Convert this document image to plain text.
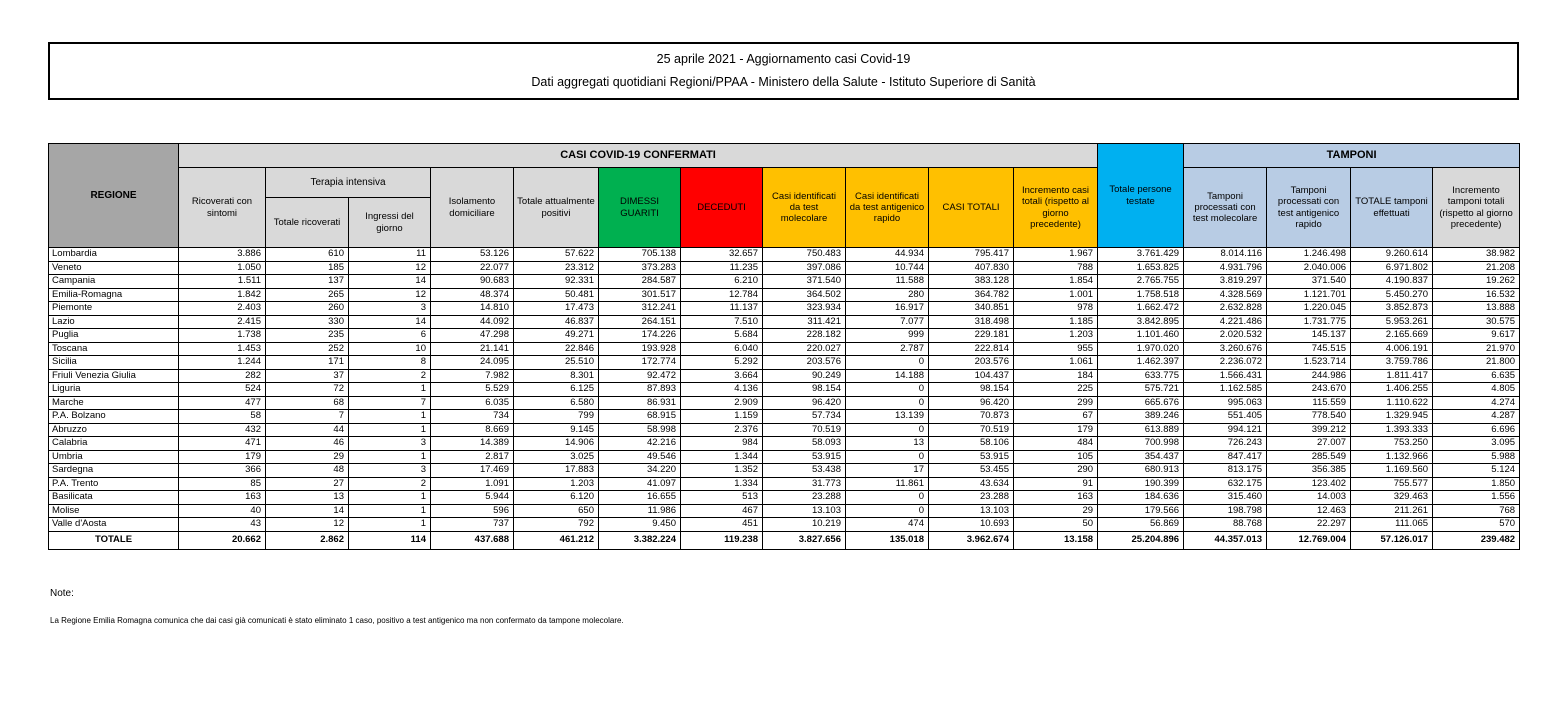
25 aprile 2021 - Aggiornamento casi Covid-19
Dati aggregati quotidiani Regioni/PPAA - Ministero della Salute - Istituto Superiore di Sanità
REGIONE	CASI COVID-19 CONFERMATI											Totale persone testate	TAMPONI			
	Ricoverati con sintomi	Terapia intensiva		Isolamento domiciliare	Totale attualmente positivi	DIMESSI GUARITI	DECEDUTI	Casi identificati da test molecolare	Casi identificati da test antigenico rapido	CASI TOTALI	Incremento casi totali (rispetto al giorno precedente)		Tamponi processati con test molecolare	Tamponi processati con test antigenico rapido	TOTALE tamponi effettuati	Incremento tamponi totali (rispetto al giorno precedente)
		Totale ricoverati	Ingressi del giorno													
Lombardia	3.886	610	11	53.126	57.622	705.138	32.657	750.483	44.934	795.417	1.967	3.761.429	8.014.116	1.246.498	9.260.614	38.982
Veneto	1.050	185	12	22.077	23.312	373.283	11.235	397.086	10.744	407.830	788	1.653.825	4.931.796	2.040.006	6.971.802	21.208
Campania	1.511	137	14	90.683	92.331	284.587	6.210	371.540	11.588	383.128	1.854	2.765.755	3.819.297	371.540	4.190.837	19.262
Emilia-Romagna	1.842	265	12	48.374	50.481	301.517	12.784	364.502	280	364.782	1.001	1.758.518	4.328.569	1.121.701	5.450.270	16.532
Piemonte	2.403	260	3	14.810	17.473	312.241	11.137	323.934	16.917	340.851	978	1.662.472	2.632.828	1.220.045	3.852.873	13.888
Lazio	2.415	330	14	44.092	46.837	264.151	7.510	311.421	7.077	318.498	1.185	3.842.895	4.221.486	1.731.775	5.953.261	30.575
Puglia	1.738	235	6	47.298	49.271	174.226	5.684	228.182	999	229.181	1.203	1.101.460	2.020.532	145.137	2.165.669	9.617
Toscana	1.453	252	10	21.141	22.846	193.928	6.040	220.027	2.787	222.814	955	1.970.020	3.260.676	745.515	4.006.191	21.970
Sicilia	1.244	171	8	24.095	25.510	172.774	5.292	203.576	0	203.576	1.061	1.462.397	2.236.072	1.523.714	3.759.786	21.800
Friuli Venezia Giulia	282	37	2	7.982	8.301	92.472	3.664	90.249	14.188	104.437	184	633.775	1.566.431	244.986	1.811.417	6.635
Liguria	524	72	1	5.529	6.125	87.893	4.136	98.154	0	98.154	225	575.721	1.162.585	243.670	1.406.255	4.805
Marche	477	68	7	6.035	6.580	86.931	2.909	96.420	0	96.420	299	665.676	995.063	115.559	1.110.622	4.274
P.A. Bolzano	58	7	1	734	799	68.915	1.159	57.734	13.139	70.873	67	389.246	551.405	778.540	1.329.945	4.287
Abruzzo	432	44	1	8.669	9.145	58.998	2.376	70.519	0	70.519	179	613.889	994.121	399.212	1.393.333	6.696
Calabria	471	46	3	14.389	14.906	42.216	984	58.093	13	58.106	484	700.998	726.243	27.007	753.250	3.095
Umbria	179	29	1	2.817	3.025	49.546	1.344	53.915	0	53.915	105	354.437	847.417	285.549	1.132.966	5.988
Sardegna	366	48	3	17.469	17.883	34.220	1.352	53.438	17	53.455	290	680.913	813.175	356.385	1.169.560	5.124
P.A. Trento	85	27	2	1.091	1.203	41.097	1.334	31.773	11.861	43.634	91	190.399	632.175	123.402	755.577	1.850
Basilicata	163	13	1	5.944	6.120	16.655	513	23.288	0	23.288	163	184.636	315.460	14.003	329.463	1.556
Molise	40	14	1	596	650	11.986	467	13.103	0	13.103	29	179.566	198.798	12.463	211.261	768
Valle d'Aosta	43	12	1	737	792	9.450	451	10.219	474	10.693	50	56.869	88.768	22.297	111.065	570
TOTALE	20.662	2.862	114	437.688	461.212	3.382.224	119.238	3.827.656	135.018	3.962.674	13.158	25.204.896	44.357.013	12.769.004	57.126.017	239.482
Note:
La Regione Emilia Romagna comunica che dai casi già comunicati è stato eliminato 1 caso, positivo a test antigenico ma non confermato da tampone molecolare.
